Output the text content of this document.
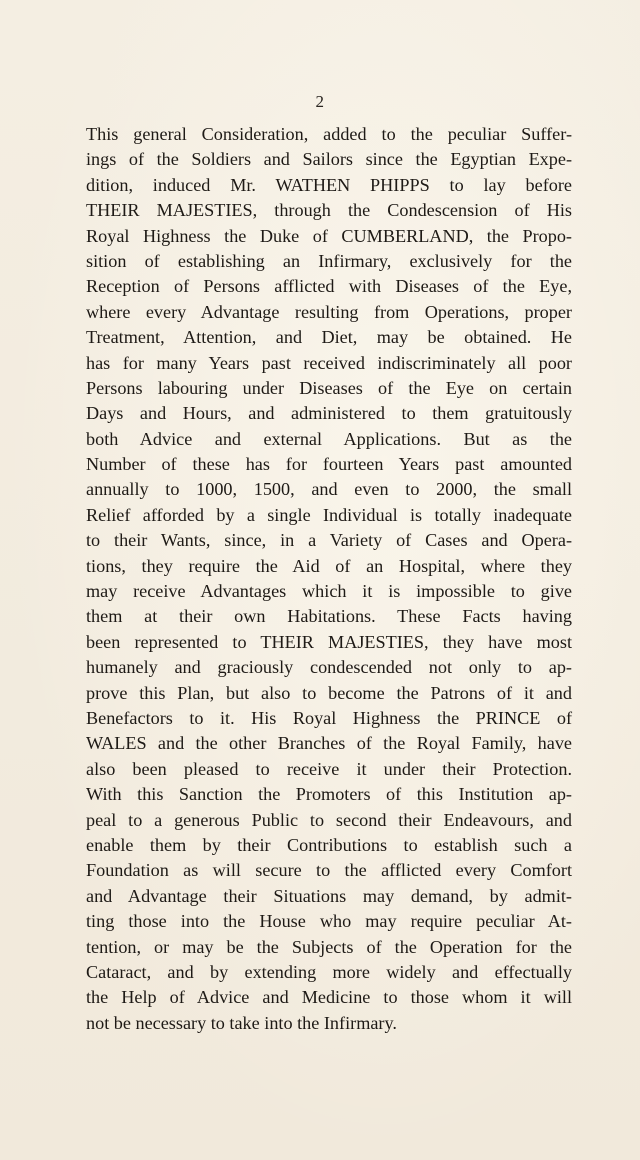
2
This general Consideration, added to the peculiar Suffer-
ings of the Soldiers and Sailors since the Egyptian Expe-
dition, induced Mr. WATHEN PHIPPS to lay before
THEIR MAJESTIES, through the Condescension of His
Royal Highness the Duke of CUMBERLAND, the Propo-
sition of establishing an Infirmary, exclusively for the
Reception of Persons afflicted with Diseases of the Eye,
where every Advantage resulting from Operations, proper
Treatment, Attention, and Diet, may be obtained. He
has for many Years past received indiscriminately all poor
Persons labouring under Diseases of the Eye on certain
Days and Hours, and administered to them gratuitously
both Advice and external Applications. But as the
Number of these has for fourteen Years past amounted
annually to 1000, 1500, and even to 2000, the small
Relief afforded by a single Individual is totally inadequate
to their Wants, since, in a Variety of Cases and Opera-
tions, they require the Aid of an Hospital, where they
may receive Advantages which it is impossible to give
them at their own Habitations. These Facts having
been represented to THEIR MAJESTIES, they have most
humanely and graciously condescended not only to ap-
prove this Plan, but also to become the Patrons of it and
Benefactors to it. His Royal Highness the PRINCE of
WALES and the other Branches of the Royal Family, have
also been pleased to receive it under their Protection.
With this Sanction the Promoters of this Institution ap-
peal to a generous Public to second their Endeavours, and
enable them by their Contributions to establish such a
Foundation as will secure to the afflicted every Comfort
and Advantage their Situations may demand, by admit-
ting those into the House who may require peculiar At-
tention, or may be the Subjects of the Operation for the
Cataract, and by extending more widely and effectually
the Help of Advice and Medicine to those whom it will
not be necessary to take into the Infirmary.
